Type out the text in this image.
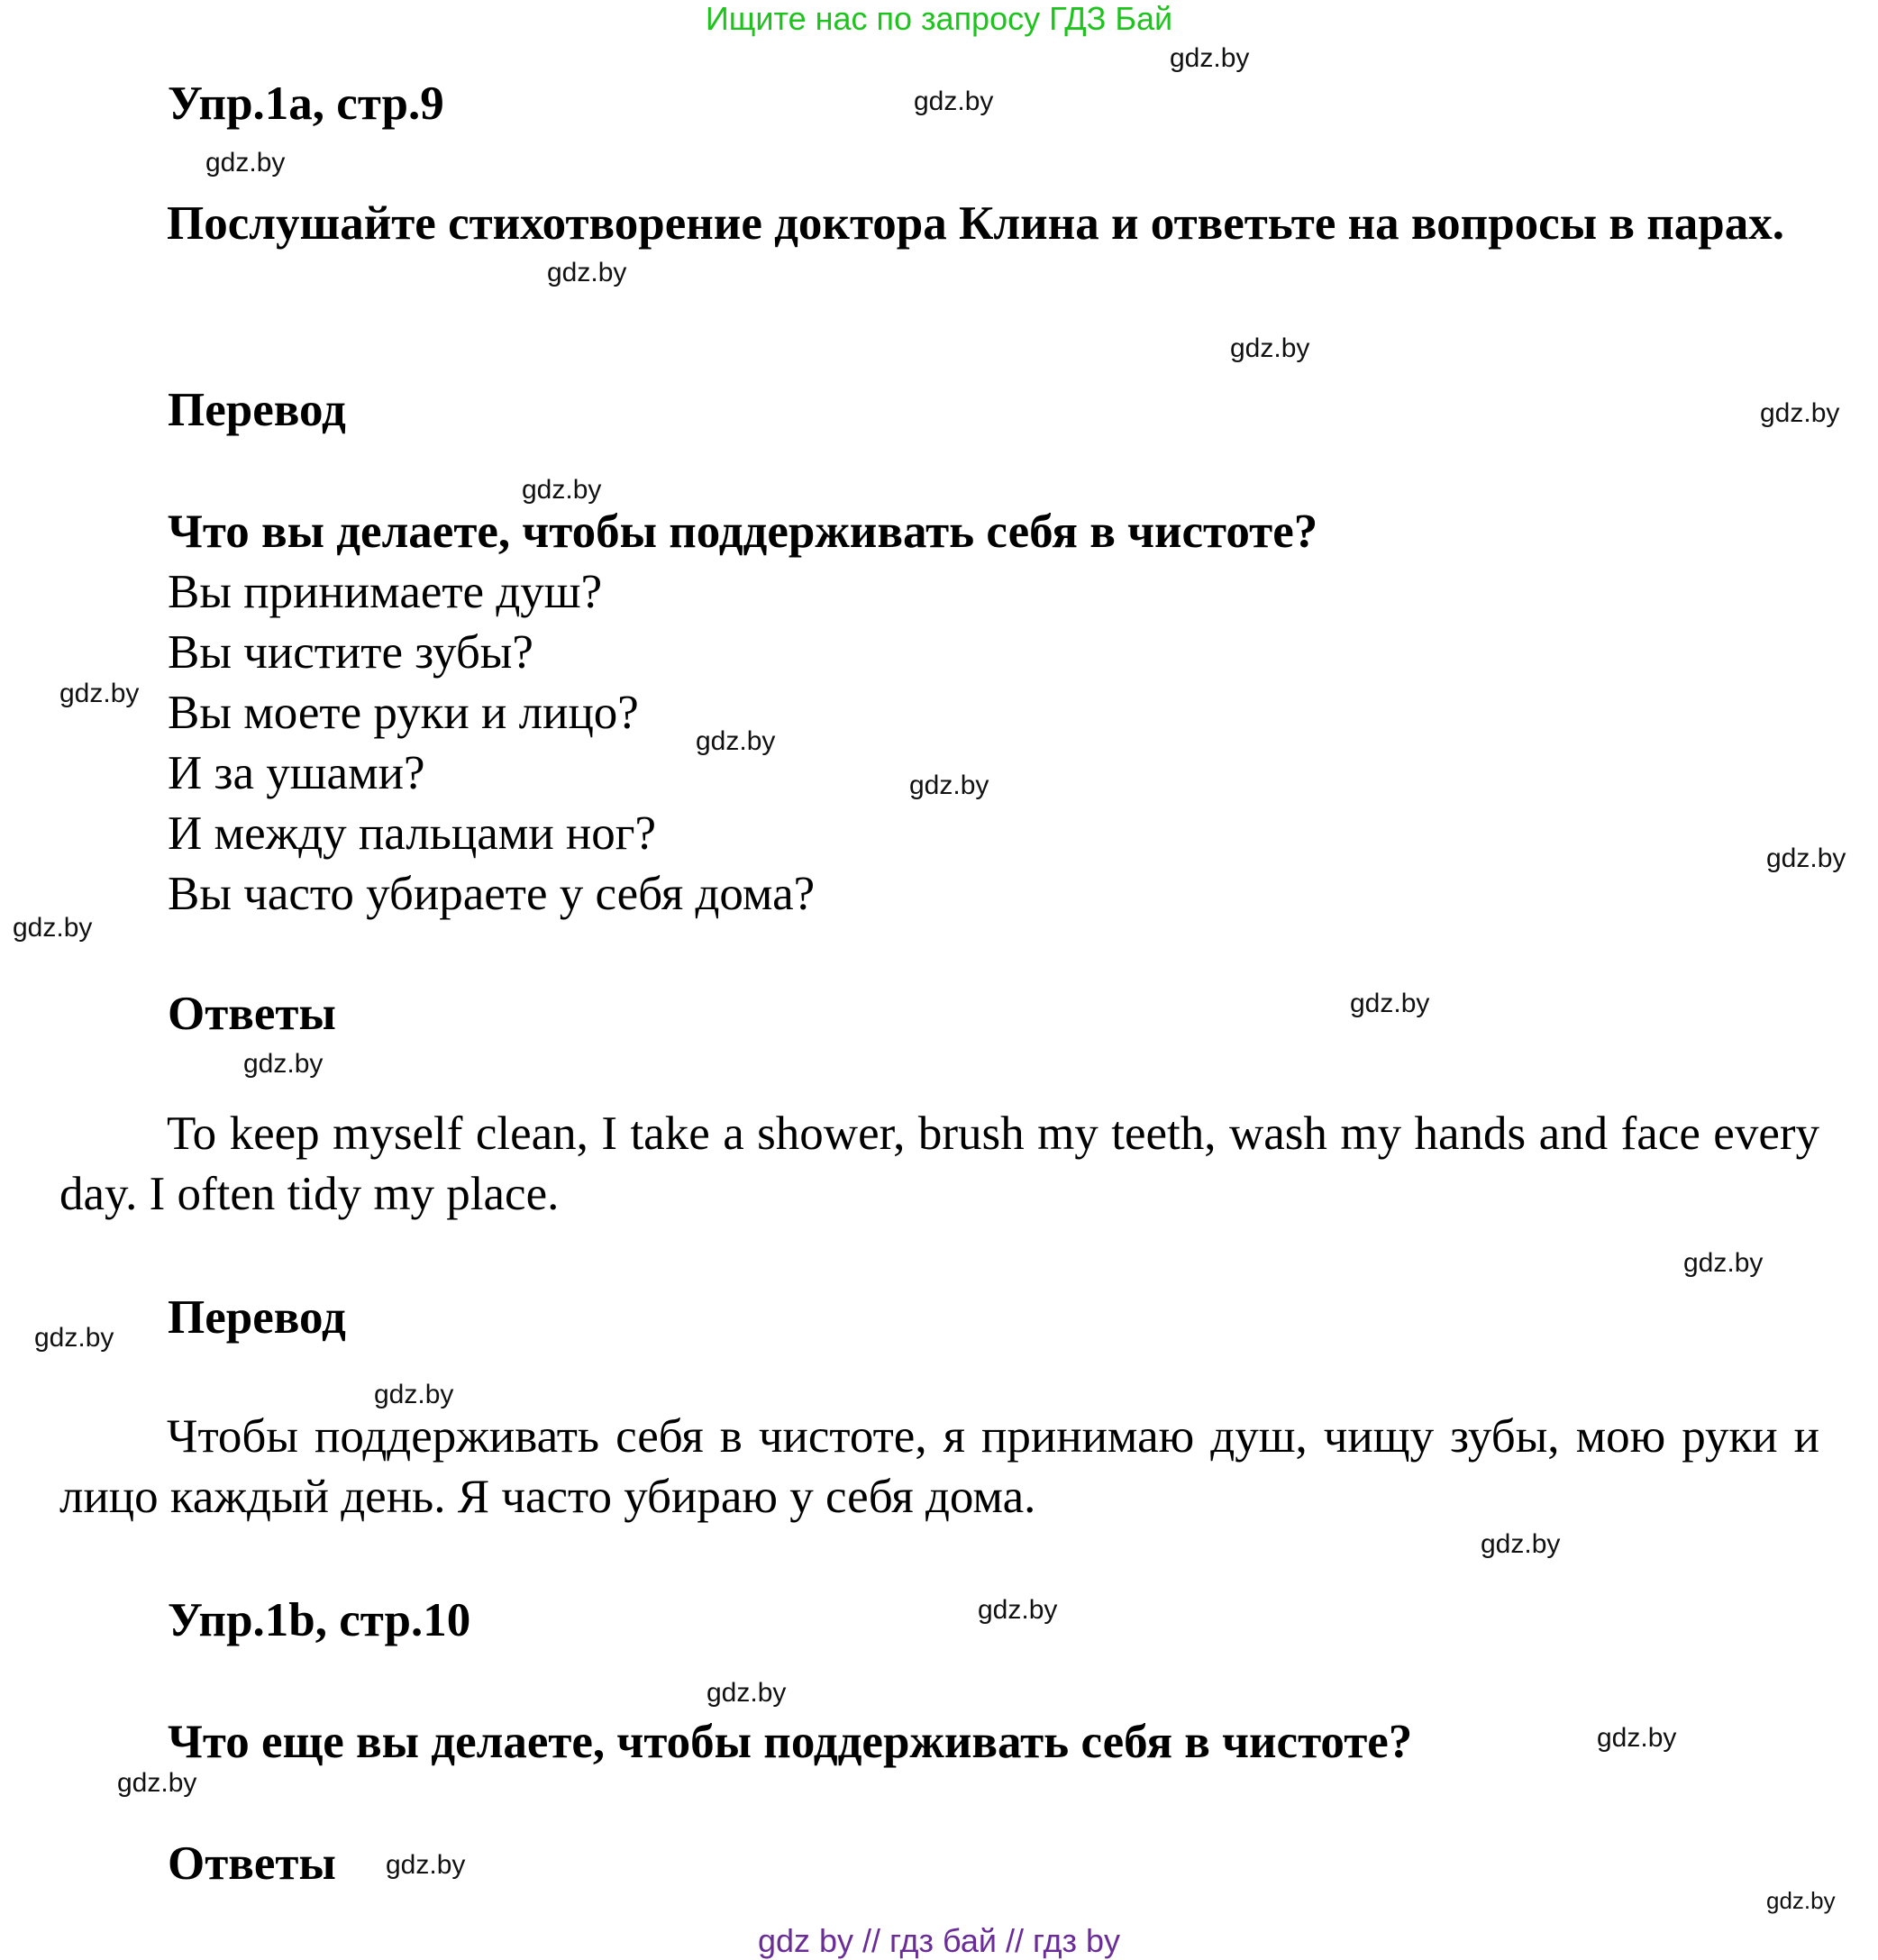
Ищите нас по запросу ГДЗ Бай
Упр.1a, стр.9
Послушайте стихотворение доктора Клина и ответьте на вопросы в парах.
Перевод
Что вы делаете, чтобы поддерживать себя в чистоте?
Вы принимаете душ?
Вы чистите зубы?
Вы моете руки и лицо?
И за ушами?
И между пальцами ног?
Вы часто убираете у себя дома?
Ответы
To keep myself clean, I take a shower, brush my teeth, wash my hands and face every day. I often tidy my place.
Перевод
Чтобы поддерживать себя в чистоте, я принимаю душ, чищу зубы, мою руки и лицо каждый день. Я часто убираю у себя дома.
Упр.1b, стр.10
Что еще вы делаете, чтобы поддерживать себя в чистоте?
Ответы
gdz.by
gdz.by
gdz.by
gdz.by
gdz.by
gdz.by
gdz.by
gdz.by
gdz.by
gdz.by
gdz.by
gdz.by
gdz.by
gdz.by
gdz.by
gdz.by
gdz.by
gdz.by
gdz.by
gdz.by
gdz.by
gdz.by
gdz.by
gdz.by
gdz by // гдз бай // гдз by
